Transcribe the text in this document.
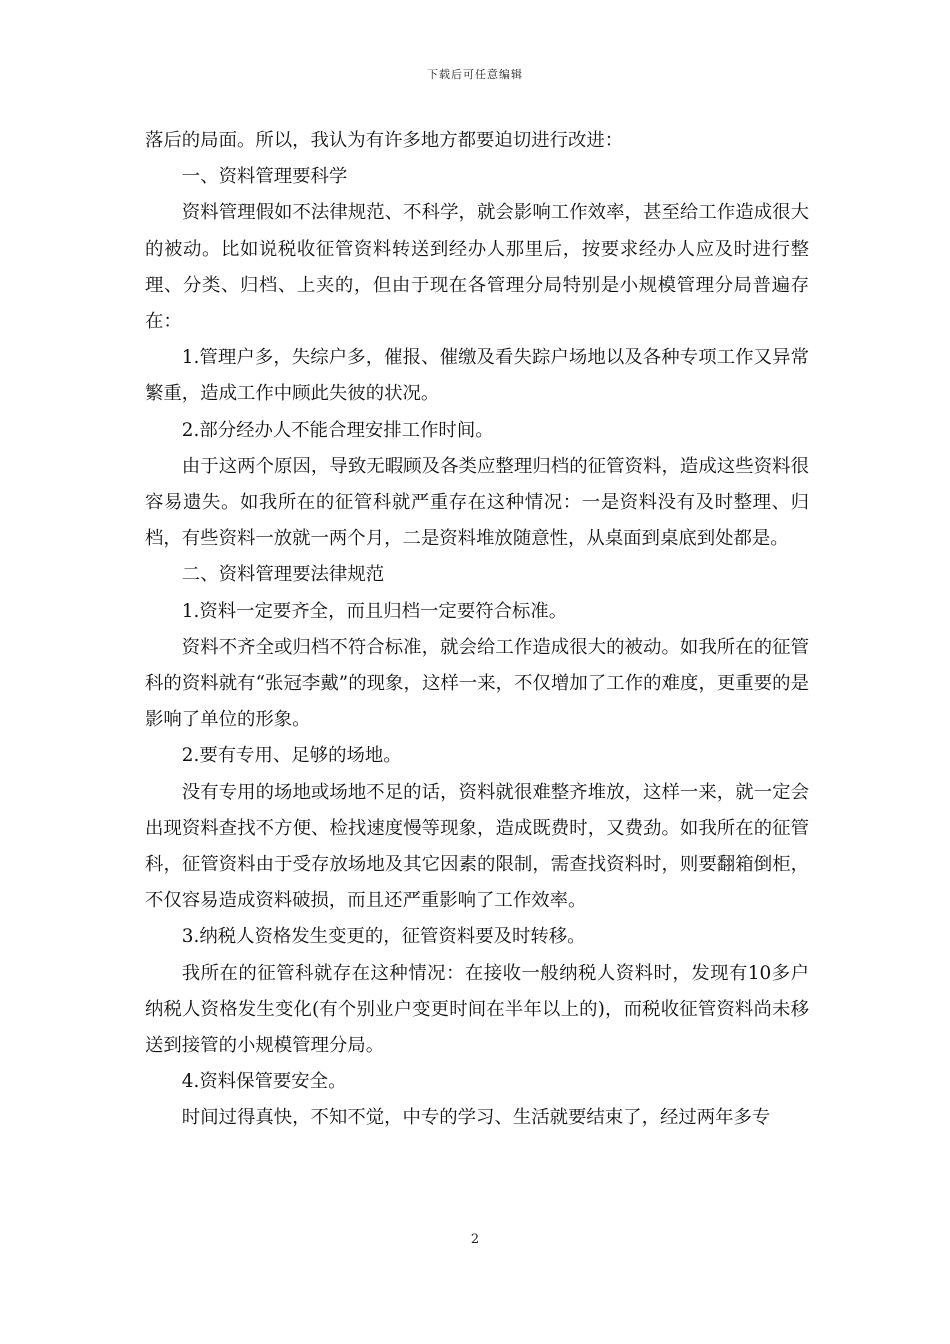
下载后可任意编辑

落后的局面。所以，我认为有许多地方都要迫切进行改进：

一、资料管理要科学

资料管理假如不法律规范、不科学，就会影响工作效率，甚至给工作造成很大的被动。比如说税收征管资料转送到经办人那里后，按要求经办人应及时进行整理、分类、归档、上夹的，但由于现在各管理分局特别是小规模管理分局普遍存在：

1.管理户多，失综户多，催报、催缴及看失踪户场地以及各种专项工作又异常繁重，造成工作中顾此失彼的状况。

2.部分经办人不能合理安排工作时间。

由于这两个原因，导致无暇顾及各类应整理归档的征管资料，造成这些资料很容易遗失。如我所在的征管科就严重存在这种情况：一是资料没有及时整理、归档，有些资料一放就一两个月，二是资料堆放随意性，从桌面到桌底到处都是。

二、资料管理要法律规范

1.资料一定要齐全，而且归档一定要符合标准。

资料不齐全或归档不符合标准，就会给工作造成很大的被动。如我所在的征管科的资料就有“张冠李戴”的现象，这样一来，不仅增加了工作的难度，更重要的是影响了单位的形象。

2.要有专用、足够的场地。

没有专用的场地或场地不足的话，资料就很难整齐堆放，这样一来，就一定会出现资料查找不方便、检找速度慢等现象，造成既费时，又费劲。如我所在的征管科，征管资料由于受存放场地及其它因素的限制，需查找资料时，则要翻箱倒柜，不仅容易造成资料破损，而且还严重影响了工作效率。

3.纳税人资格发生变更的，征管资料要及时转移。

我所在的征管科就存在这种情况：在接收一般纳税人资料时，发现有10多户纳税人资格发生变化(有个别业户变更时间在半年以上的)，而税收征管资料尚未移送到接管的小规模管理分局。

4.资料保管要安全。

时间过得真快，不知不觉，中专的学习、生活就要结束了，经过两年多专

2
